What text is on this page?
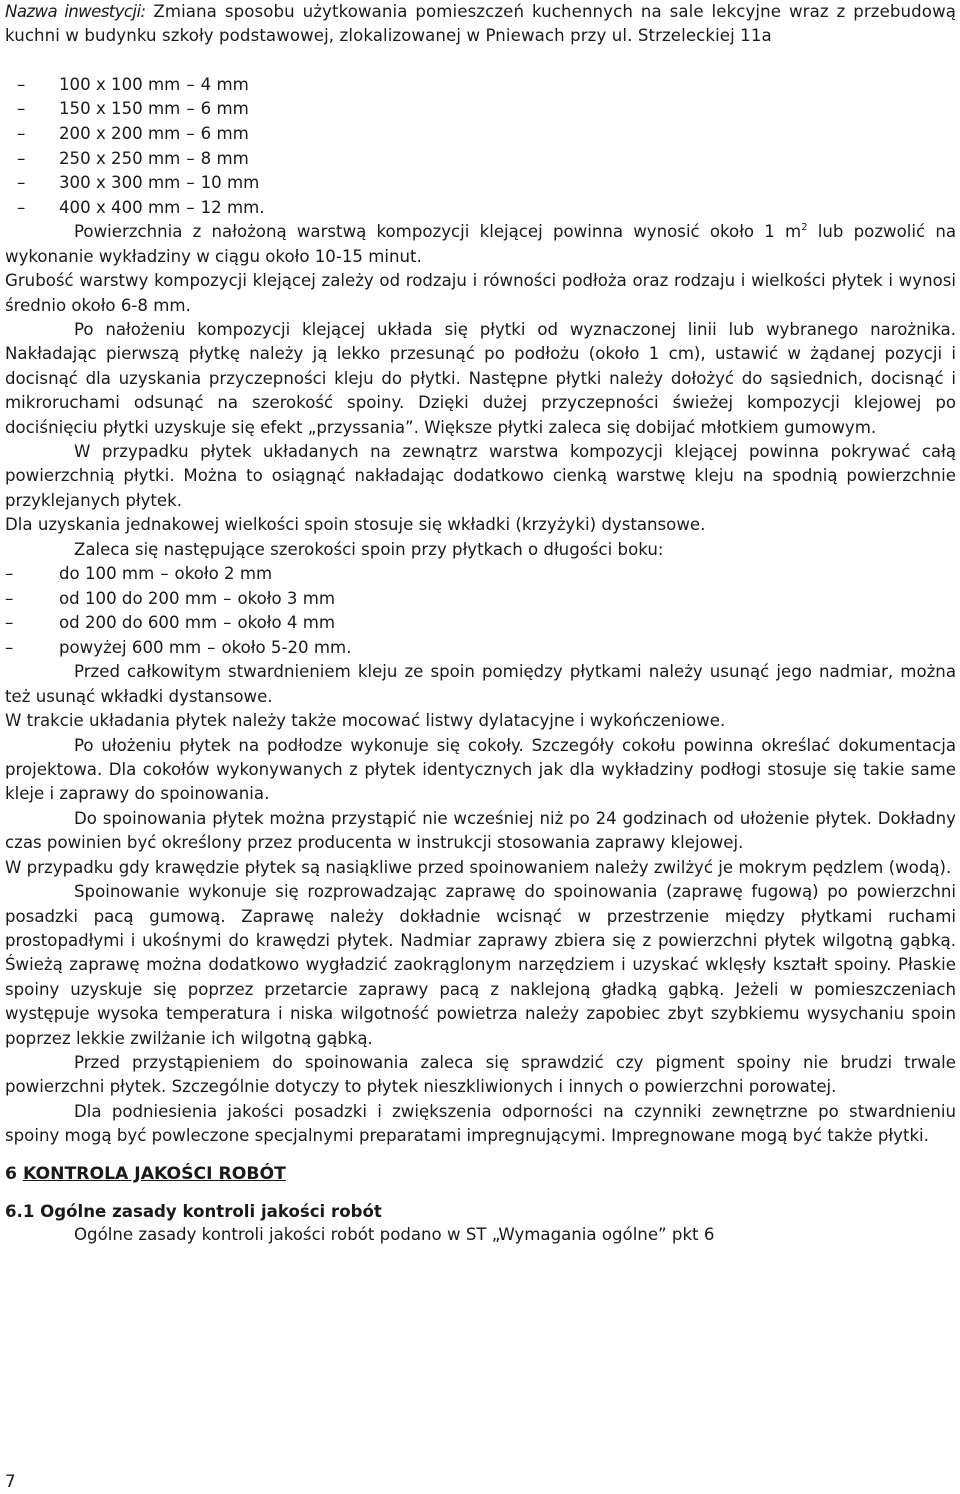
Nazwa inwestycji: Zmiana sposobu użytkowania pomieszczeń kuchennych na sale lekcyjne wraz z przebudową kuchni w budynku szkoły podstawowej, zlokalizowanej w Pniewach przy ul. Strzeleckiej 11a
– 100 x 100 mm – 4 mm
– 150 x 150 mm – 6 mm
– 200 x 200 mm – 6 mm
– 250 x 250 mm – 8 mm
– 300 x 300 mm – 10 mm
– 400 x 400 mm – 12 mm.

Powierzchnia z nałożoną warstwą kompozycji klejącej powinna wynosić około 1 $m^2$ lub pozwolić na wykonanie wykładziny w ciągu około 10-15 minut.

Grubość warstwy kompozycji klejącej zależy od rodzaju i równości podłoża oraz rodzaju i wielkości płytek i wynosi średnio około 6-8 mm.

Po nałożeniu kompozycji klejącej układa się płytki od wyznaczonej linii lub wybranego narożnika. Nakładając pierwszą płytkę należy ją lekko przesunąć po podłożu (około 1 cm), ustawić w żądanej pozycji i docisnąć dla uzyskania przyczepności kleju do płytki. Następne płytki należy dołożyć do sąsiednich, docisnąć i mikroruchami odsunąć na szerokość spoiny. Dzięki dużej przyczepności świeżej kompozycji klejowej po dociśnięciu płytki uzyskuje się efekt „przyssania”. Większe płytki zaleca się dobijać młotkiem gumowym.

W przypadku płytek układanych na zewnątrz warstwa kompozycji klejącej powinna pokrywać całą powierzchnią płytki. Można to osiągnąć nakładając dodatkowo cienką warstwę kleju na spodnią powierzchnie przyklejanych płytek.

Dla uzyskania jednakowej wielkości spoin stosuje się wkładki (krzyżyki) dystansowe.

Zaleca się następujące szerokości spoin przy płytkach o długości boku:

–	do 100 mm – około 2 mm
–	od 100 do 200 mm – około 3 mm
–	od 200 do 600 mm – około 4 mm
–	powyżej 600 mm – około 5-20 mm.

Przed całkowitym stwardnieniem kleju ze spoin pomiędzy płytkami należy usunąć jego nadmiar, można też usunąć wkładki dystansowe.

W trakcie układania płytek należy także mocować listwy dylatacyjne i wykończeniowe.

Po ułożeniu płytek na podłodze wykonuje się cokoły. Szczegóły cokołu powinna określać dokumentacja projektowa. Dla cokołów wykonywanych z płytek identycznych jak dla wykładziny podłogi stosuje się takie same kleje i zaprawy do spoinowania.

Do spoinowania płytek można przystąpić nie wcześniej niż po 24 godzinach od ułożenie płytek. Dokładny czas powinien być określony przez producenta w instrukcji stosowania zaprawy klejowej.

W przypadku gdy krawędzie płytek są nasiąkliwe przed spoinowaniem należy zwilżyć je mokrym pędzlem (wodą).

Spoinowanie wykonuje się rozprowadzając zaprawę do spoinowania (zaprawę fugową) po powierzchni posadzki pacą gumową. Zaprawę należy dokładnie wcisnąć w przestrzenie między płytkami ruchami prostopadłymi i ukośnymi do krawędzi płytek. Nadmiar zaprawy zbiera się z powierzchni płytek wilgotną gąbką. Świeżą zaprawę można dodatkowo wygładzić zaokrąglonym narzędziem i uzyskać wklęsły kształt spoiny. Płaskie spoiny uzyskuje się poprzez przetarcie zaprawy pacą z naklejoną gładką gąbką. Jeżeli w pomieszczeniach występuje wysoka temperatura i niska wilgotność powietrza należy zapobiec zbyt szybkiemu wysychaniu spoin poprzez lekkie zwilżanie ich wilgotną gąbką.

Przed przystąpieniem do spoinowania zaleca się sprawdzić czy pigment spoiny nie brudzi trwale powierzchni płytek. Szczególnie dotyczy to płytek nieszkliwionych i innych o powierzchni porowatej.

Dla podniesienia jakości posadzki i zwiększenia odporności na czynniki zewnętrzne po stwardnieniu spoiny mogą być powleczone specjalnymi preparatami impregnującymi. Impregnowane mogą być także płytki.

6 KONTROLA JAKOŚCI ROBÓT
6.1 Ogólne zasady kontroli jakości robót

Ogólne zasady kontroli jakości robót podano w ST „Wymagania ogólne” pkt 6

7
